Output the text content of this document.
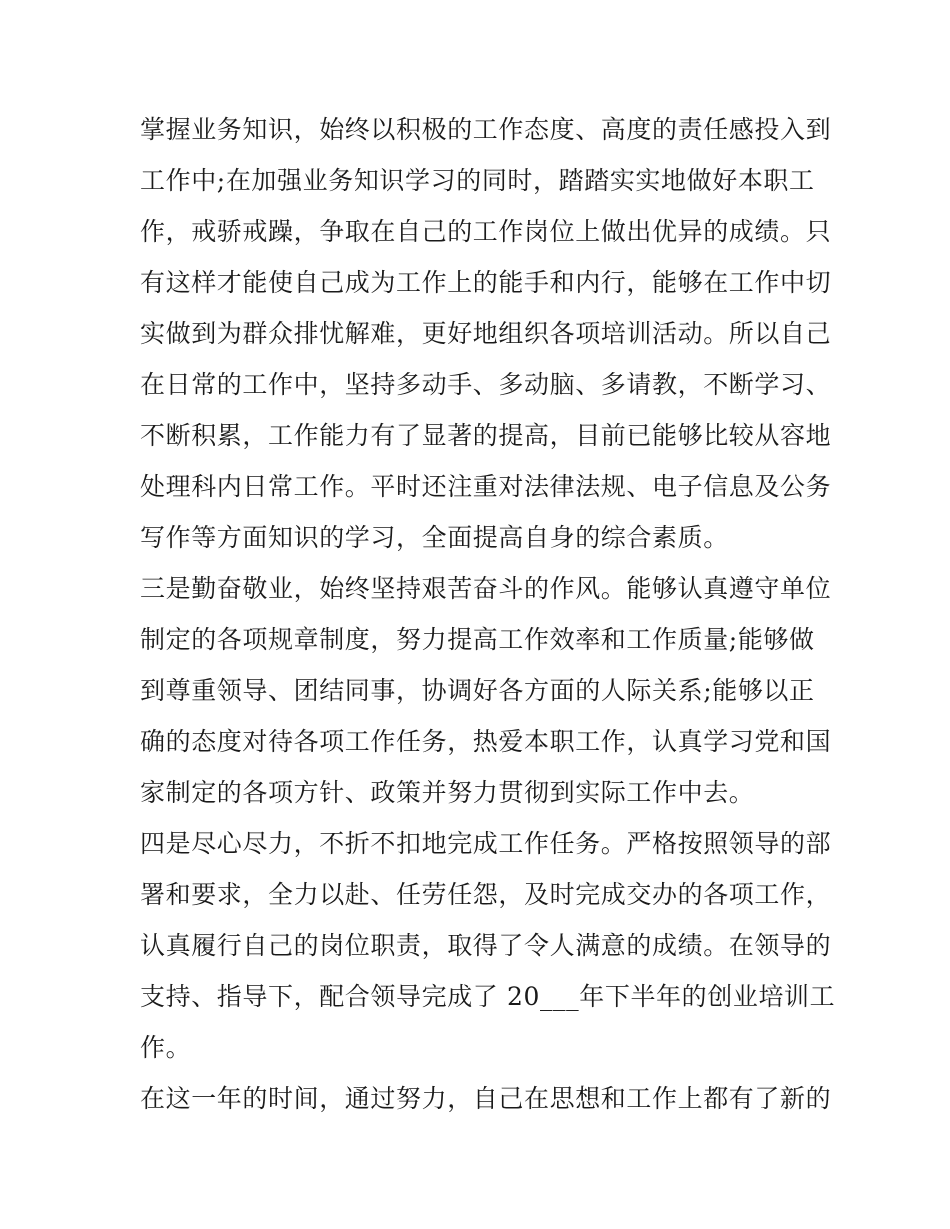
掌握业务知识，始终以积极的工作态度、高度的责任感投入到
工作中;在加强业务知识学习的同时，踏踏实实地做好本职工
作，戒骄戒躁，争取在自己的工作岗位上做出优异的成绩。只
有这样才能使自己成为工作上的能手和内行，能够在工作中切
实做到为群众排忧解难，更好地组织各项培训活动。所以自己
在日常的工作中，坚持多动手、多动脑、多请教，不断学习、
不断积累，工作能力有了显著的提高，目前已能够比较从容地
处理科内日常工作。平时还注重对法律法规、电子信息及公务
写作等方面知识的学习，全面提高自身的综合素质。
三是勤奋敬业，始终坚持艰苦奋斗的作风。能够认真遵守单位
制定的各项规章制度，努力提高工作效率和工作质量;能够做
到尊重领导、团结同事，协调好各方面的人际关系;能够以正
确的态度对待各项工作任务，热爱本职工作，认真学习党和国
家制定的各项方针、政策并努力贯彻到实际工作中去。
四是尽心尽力，不折不扣地完成工作任务。严格按照领导的部
署和要求，全力以赴、任劳任怨，及时完成交办的各项工作，
认真履行自己的岗位职责，取得了令人满意的成绩。在领导的
支持、指导下，配合领导完成了 20___年下半年的创业培训工
作。
在这一年的时间，通过努力，自己在思想和工作上都有了新的
